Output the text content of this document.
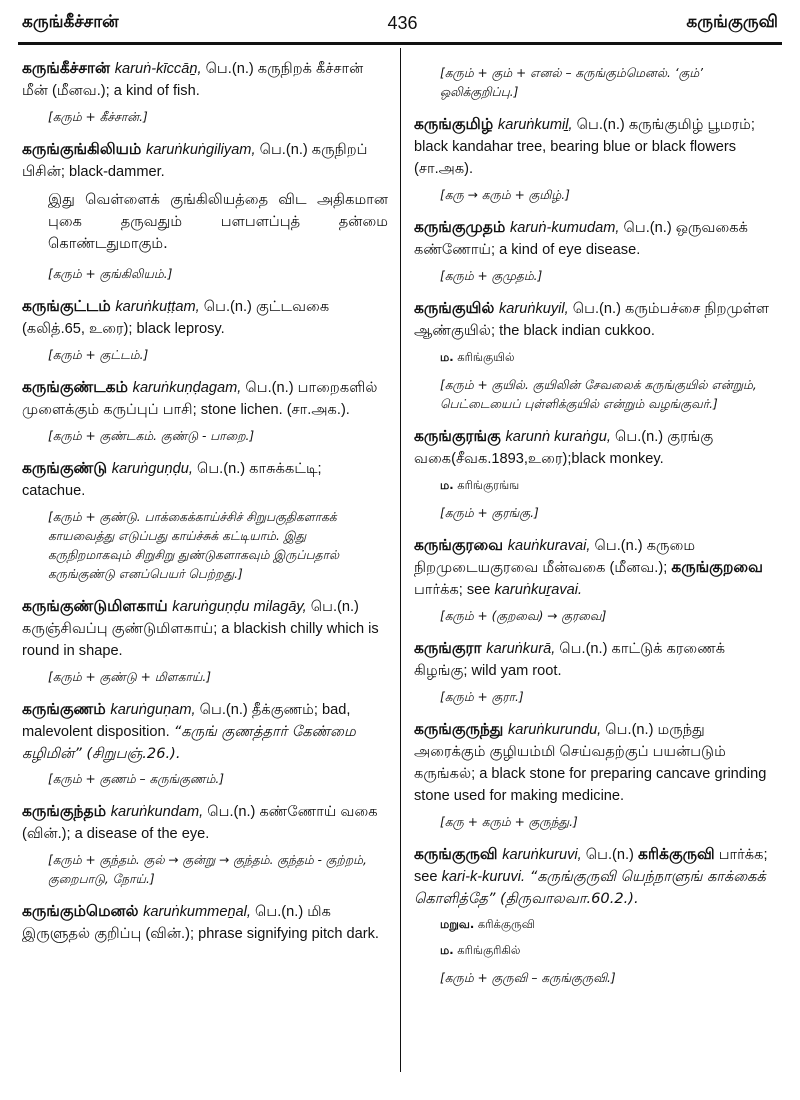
கருங்கீச்சான்	436	கருங்குருவி
கருங்கீச்சான் karuṅ-kīccāṉ, பெ.(n.) கருநிறக் கீச்சான் மீன் (மீனவ.); a kind of fish.
[கரும் + கீச்சான்.]
கருங்குங்கிலியம் karuṅkuṅgiliyam, பெ.(n.) கருநிறப் பிசின்; black-dammer.
இது வெள்ளைக் குங்கிலியத்தை விட அதிகமான புகை தருவதும் பளபளப்புத் தன்மை கொண்டதுமாகும்.
[கரும் + குங்கிலியம்.]
கருங்குட்டம் karuṅkuṭṭam, பெ.(n.) குட்டவகை (கலித்.65, உரை); black leprosy.
[கரும் + குட்டம்.]
கருங்குண்டகம் karuṅkuṇḍagam, பெ.(n.) பாறைகளில் முளைக்கும் கருப்புப் பாசி; stone lichen. (சா.அக.).
[கரும் + குண்டகம். குண்டு - பாறை.]
கருங்குண்டு karuṅguṇḍu, பெ.(n.) காசுக்கட்டி; catachue.
[கரும் + குண்டு. பாக்கைக்காய்ச்சிச் சிறுபகுதிகளாகக் காயவைத்து எடுப்பது காய்ச்சுக் கட்டியாம். இது கருநிறமாகவும் சிறுசிறு துண்டுகளாகவும் இருப்பதால் கருங்குண்டு எனப்பெயர் பெற்றது.]
கருங்குண்டுமிளகாய் karuṅguṇḍu milagāy, பெ.(n.) கருஞ்சிவப்பு குண்டுமிளகாய்; a blackish chilly which is round in shape.
[கரும் + குண்டு + மிளகாய்.]
கருங்குணம் karuṅguṇam, பெ.(n.) தீக்குணம்; bad, malevolent disposition. “கருங் குணத்தார் கேண்மை கழிமின்” (சிறுபஞ்.26.).
[கரும் + குணம் – கருங்குணம்.]
கருங்குந்தம் karuṅkundam, பெ.(n.) கண்ணோய் வகை (வின்.); a disease of the eye.
[கரும் + குந்தம். குல் → குன்று → குந்தம். குந்தம் - குற்றம், குறைபாடு, நோய்.]
கருங்கும்மெனல் karuṅkummeṉal, பெ.(n.) மிக இருளுதல் குறிப்பு (வின்.); phrase signifying pitch dark.
[கரும் + கும் + எனல் – கருங்கும்மெனல். ‘கும்’ ஒலிக்குறிப்பு.]
கருங்குமிழ் karuṅkumiḻ, பெ.(n.) கருங்குமிழ் பூமரம்; black kandahar tree, bearing blue or black flowers (சா.அக).
[கரு → கரும் + குமிழ்.]
கருங்குமுதம் karuṅ-kumudam, பெ.(n.) ஒருவகைக் கண்ணோய்; a kind of eye disease.
[கரும் + குமுதம்.]
கருங்குயில் karuṅkuyil, பெ.(n.) கரும்பச்சை நிறமுள்ள ஆண்குயில்; the black indian cukkoo.
ம. கரிங்குயில்
[கரும் + குயில். குயிலின் சேவலைக் கருங்குயில் என்றும், பெட்டையைப் புள்ளிக்குயில் என்றும் வழங்குவர்.]
கருங்குரங்கு karunṅ kuraṅgu, பெ.(n.) குரங்கு வகை(சீவக.1893,உரை);black monkey.
ம. கரிங்குரங்ங
[கரும் + குரங்கு.]
கருங்குரவை kauṅkuravai, பெ.(n.) கருமை நிறமுடையகுரவை மீன்வகை (மீனவ.); கருங்குறவை பார்க்க; see karuṅkuṟavai.
[கரும் + (குறவை) → குரவை]
கருங்குரா karuṅkurā, பெ.(n.) காட்டுக் கரணைக் கிழங்கு; wild yam root.
[கரும் + குரா.]
கருங்குருந்து karuṅkurundu, பெ.(n.) மருந்து அரைக்கும் குழியம்மி செய்வதற்குப் பயன்படும் கருங்கல்; a black stone for preparing cancave grinding stone used for making medicine.
[கரு + கரும் + குருந்து.]
கருங்குருவி karuṅkuruvi, பெ.(n.) கரிக்குருவி பார்க்க; see kari-k-kuruvi. “கருங்குருவி யெந்நாளுங் காக்கைக் கொளித்தே” (திருவாலவா.60.2.).
மறுவ. கரிக்குருவி
ம. கரிங்குரிகில்
[கரும் + குருவி – கருங்குருவி.]
